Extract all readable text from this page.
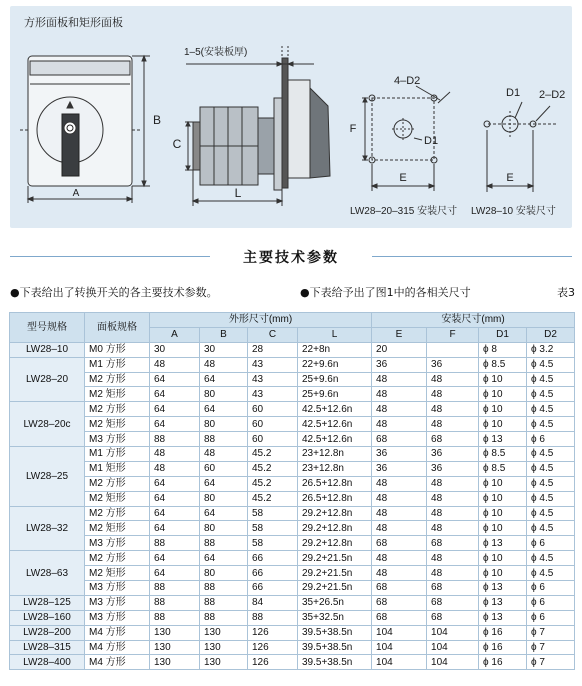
方形面板和矩形面板
A
B
1–5(安装板厚)
C
L
4–D2
D1
F
E
LW28–20–315 安装尺寸
D1 2–D2
E
LW28–10 安装尺寸
主要技术参数
●下表给出了转换开关的各主要技术参数。	●下表给予出了图1中的各相关尺寸	表3
型号规格	面板规格	外形尺寸(mm)				安装尺寸(mm)			
		A	B	C	L	E	F	D1	D2
LW28–10	M0 方形	30	30	28	22+8n	20		ϕ 8	ϕ 3.2
LW28–20	M1 方形	48	48	43	22+9.6n	36	36	ϕ 8.5	ϕ 4.5
	M2 方形	64	64	43	25+9.6n	48	48	ϕ 10	ϕ 4.5
	M2 矩形	64	80	43	25+9.6n	48	48	ϕ 10	ϕ 4.5
LW28–20c	M2 方形	64	64	60	42.5+12.6n	48	48	ϕ 10	ϕ 4.5
	M2 矩形	64	80	60	42.5+12.6n	48	48	ϕ 10	ϕ 4.5
	M3 方形	88	88	60	42.5+12.6n	68	68	ϕ 13	ϕ 6
LW28–25	M1 方形	48	48	45.2	23+12.8n	36	36	ϕ 8.5	ϕ 4.5
	M1 矩形	48	60	45.2	23+12.8n	36	36	ϕ 8.5	ϕ 4.5
	M2 方形	64	64	45.2	26.5+12.8n	48	48	ϕ 10	ϕ 4.5
	M2 矩形	64	80	45.2	26.5+12.8n	48	48	ϕ 10	ϕ 4.5
LW28–32	M2 方形	64	64	58	29.2+12.8n	48	48	ϕ 10	ϕ 4.5
	M2 矩形	64	80	58	29.2+12.8n	48	48	ϕ 10	ϕ 4.5
	M3 方形	88	88	58	29.2+12.8n	68	68	ϕ 13	ϕ 6
LW28–63	M2 方形	64	64	66	29.2+21.5n	48	48	ϕ 10	ϕ 4.5
	M2 矩形	64	80	66	29.2+21.5n	48	48	ϕ 10	ϕ 4.5
	M3 方形	88	88	66	29.2+21.5n	68	68	ϕ 13	ϕ 6
LW28–125	M3 方形	88	88	84	35+26.5n	68	68	ϕ 13	ϕ 6
LW28–160	M3 方形	88	88	88	35+32.5n	68	68	ϕ 13	ϕ 6
LW28–200	M4 方形	130	130	126	39.5+38.5n	104	104	ϕ 16	ϕ 7
LW28–315	M4 方形	130	130	126	39.5+38.5n	104	104	ϕ 16	ϕ 7
LW28–400	M4 方形	130	130	126	39.5+38.5n	104	104	ϕ 16	ϕ 7
